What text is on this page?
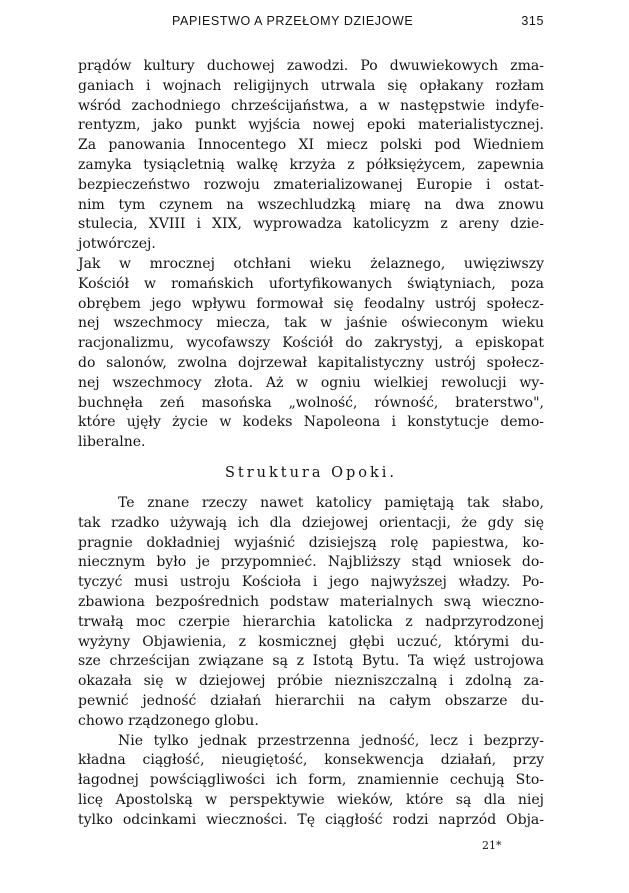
PAPIESTWO A PRZEŁOMY DZIEJOWE	315
prądów kultury duchowej zawodzi. Po dwuwiekowych zma-
ganiach i wojnach religijnych utrwala się opłakany rozłam
wśród zachodniego chrześcijaństwa, a w następstwie indyfe-
rentyzm, jako punkt wyjścia nowej epoki materialistycznej.
Za panowania Innocentego XI miecz polski pod Wiedniem
zamyka tysiącletnią walkę krzyża z półksiężycem, zapewnia
bezpieczeństwo rozwoju zmaterializowanej Europie i ostat-
nim tym czynem na wszechludzką miarę na dwa znowu
stulecia, XVIII i XIX, wyprowadza katolicyzm z areny dzie-
jotwórczej.
Jak w mrocznej otchłani wieku żelaznego, uwięziwszy
Kościół w romańskich ufortyfikowanych świątyniach, poza
obrębem jego wpływu formował się feodalny ustrój społecz-
nej wszechmocy miecza, tak w jaśnie oświeconym wieku
racjonalizmu, wycofawszy Kościół do zakrystyj, a episkopat
do salonów, zwolna dojrzewał kapitalistyczny ustrój społecz-
nej wszechmocy złota. Aż w ogniu wielkiej rewolucji wy-
buchnęła zeń masońska „wolność, równość, braterstwo",
które ujęły życie w kodeks Napoleona i konstytucje demo-
liberalne.
Struktura Opoki.
Te znane rzeczy nawet katolicy pamiętają tak słabo,
tak rzadko używają ich dla dziejowej orientacji, że gdy się
pragnie dokładniej wyjaśnić dzisiejszą rolę papiestwa, ko-
niecznym było je przypomnieć. Najbliższy stąd wniosek do-
tyczyć musi ustroju Kościoła i jego najwyższej władzy. Po-
zbawiona bezpośrednich podstaw materialnych swą wieczno-
trwałą moc czerpie hierarchia katolicka z nadprzyrodzonej
wyżyny Objawienia, z kosmicznej głębi uczuć, którymi du-
sze chrześcijan związane są z Istotą Bytu. Ta więź ustrojowa
okazała się w dziejowej próbie niezniszczalną i zdolną za-
pewnić jedność działań hierarchii na całym obszarze du-
chowo rządzonego globu.
Nie tylko jednak przestrzenna jedność, lecz i bezprzy-
kładna ciągłość, nieugiętość, konsekwencja działań, przy
łagodnej powściągliwości ich form, znamiennie cechują Sto-
licę Apostolską w perspektywie wieków, które są dla niej
tylko odcinkami wieczności. Tę ciągłość rodzi naprzód Obja-
21*
